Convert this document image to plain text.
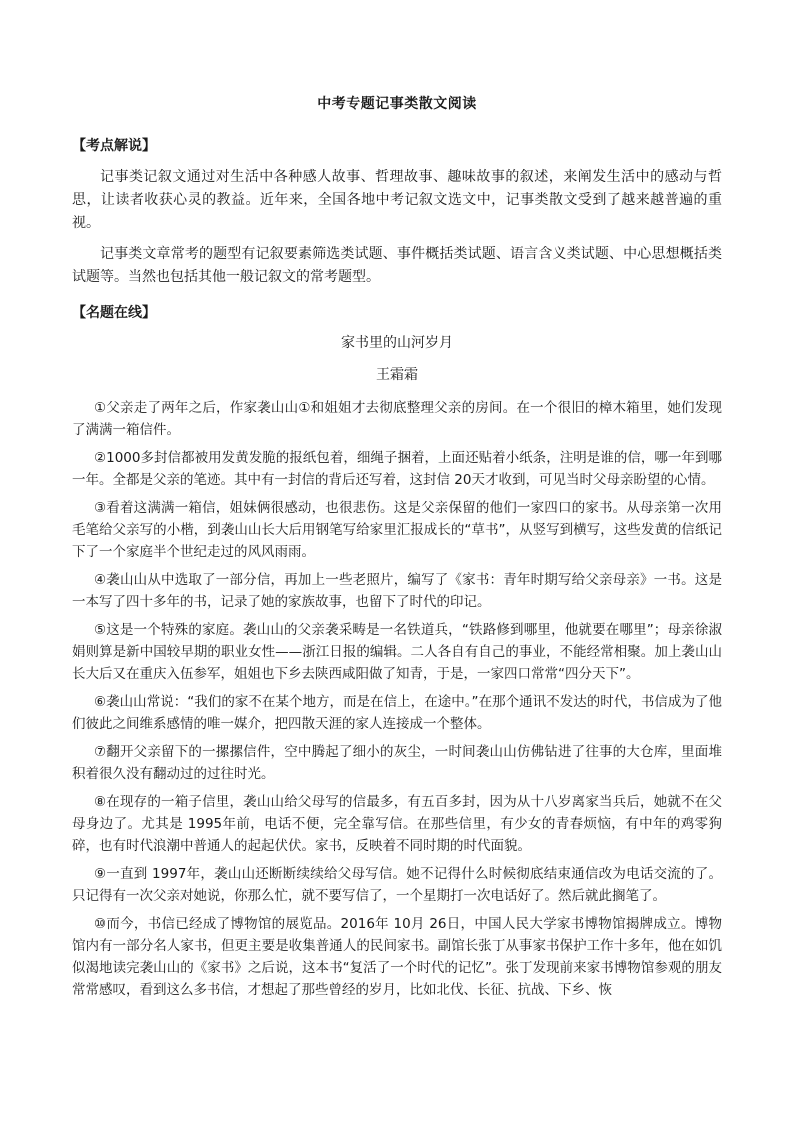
中考专题记事类散文阅读
【考点解说】

记事类记叙文通过对生活中各种感人故事、哲理故事、趣味故事的叙述，来阐发生活中的感动与哲思，让读者收获心灵的教益。近年来，全国各地中考记叙文选文中，记事类散文受到了越来越普遍的重视。

记事类文章常考的题型有记叙要素筛选类试题、事件概括类试题、语言含义类试题、中心思想概括类试题等。当然也包括其他一般记叙文的常考题型。

【名题在线】
家书里的山河岁月
王霜霜

①父亲走了两年之后，作家袭山山①和姐姐才去彻底整理父亲的房间。在一个很旧的樟木箱里，她们发现了满满一箱信件。

②1000多封信都被用发黄发脆的报纸包着，细绳子捆着，上面还贴着小纸条，注明是谁的信，哪一年到哪一年。全都是父亲的笔迹。其中有一封信的背后还写着，这封信 20天才收到，可见当时父母亲盼望的心情。

③看着这满满一箱信，姐妹俩很感动，也很悲伤。这是父亲保留的他们一家四口的家书。从母亲第一次用毛笔给父亲写的小楷，到袭山山长大后用钢笔写给家里汇报成长的“草书”，从竖写到横写，这些发黄的信纸记下了一个家庭半个世纪走过的风风雨雨。

④袭山山从中选取了一部分信，再加上一些老照片，编写了《家书：青年时期写给父亲母亲》一书。这是一本写了四十多年的书，记录了她的家族故事，也留下了时代的印记。

⑤这是一个特殊的家庭。袭山山的父亲袭采畴是一名铁道兵，“铁路修到哪里，他就要在哪里”；母亲徐淑娟则算是新中国较早期的职业女性——浙江日报的编辑。二人各自有自己的事业，不能经常相聚。加上袭山山长大后又在重庆入伍参军，姐姐也下乡去陕西咸阳做了知青，于是，一家四口常常“四分天下”。

⑥袭山山常说：“我们的家不在某个地方，而是在信上，在途中。”在那个通讯不发达的时代，书信成为了他们彼此之间维系感情的唯一媒介，把四散天涯的家人连接成一个整体。

⑦翻开父亲留下的一摞摞信件，空中腾起了细小的灰尘，一时间袭山山仿佛钻进了往事的大仓库，里面堆积着很久没有翻动过的过往时光。

⑧在现存的一箱子信里，袭山山给父母写的信最多，有五百多封，因为从十八岁离家当兵后，她就不在父母身边了。尤其是 1995年前，电话不便，完全靠写信。在那些信里，有少女的青春烦恼，有中年的鸡零狗碎，也有时代浪潮中普通人的起起伏伏。家书，反映着不同时期的时代面貌。

⑨一直到 1997年，袭山山还断断续续给父母写信。她不记得什么时候彻底结束通信改为电话交流的了。只记得有一次父亲对她说，你那么忙，就不要写信了，一个星期打一次电话好了。然后就此搁笔了。

⑩而今，书信已经成了博物馆的展览品。2016年 10月 26日，中国人民大学家书博物馆揭牌成立。博物馆内有一部分名人家书，但更主要是收集普通人的民间家书。副馆长张丁从事家书保护工作十多年，他在如饥似渴地读完袭山山的《家书》之后说，这本书“复活了一个时代的记忆”。张丁发现前来家书博物馆参观的朋友常常感叹，看到这么多书信，才想起了那些曾经的岁月，比如北伐、长征、抗战、下乡、恢
